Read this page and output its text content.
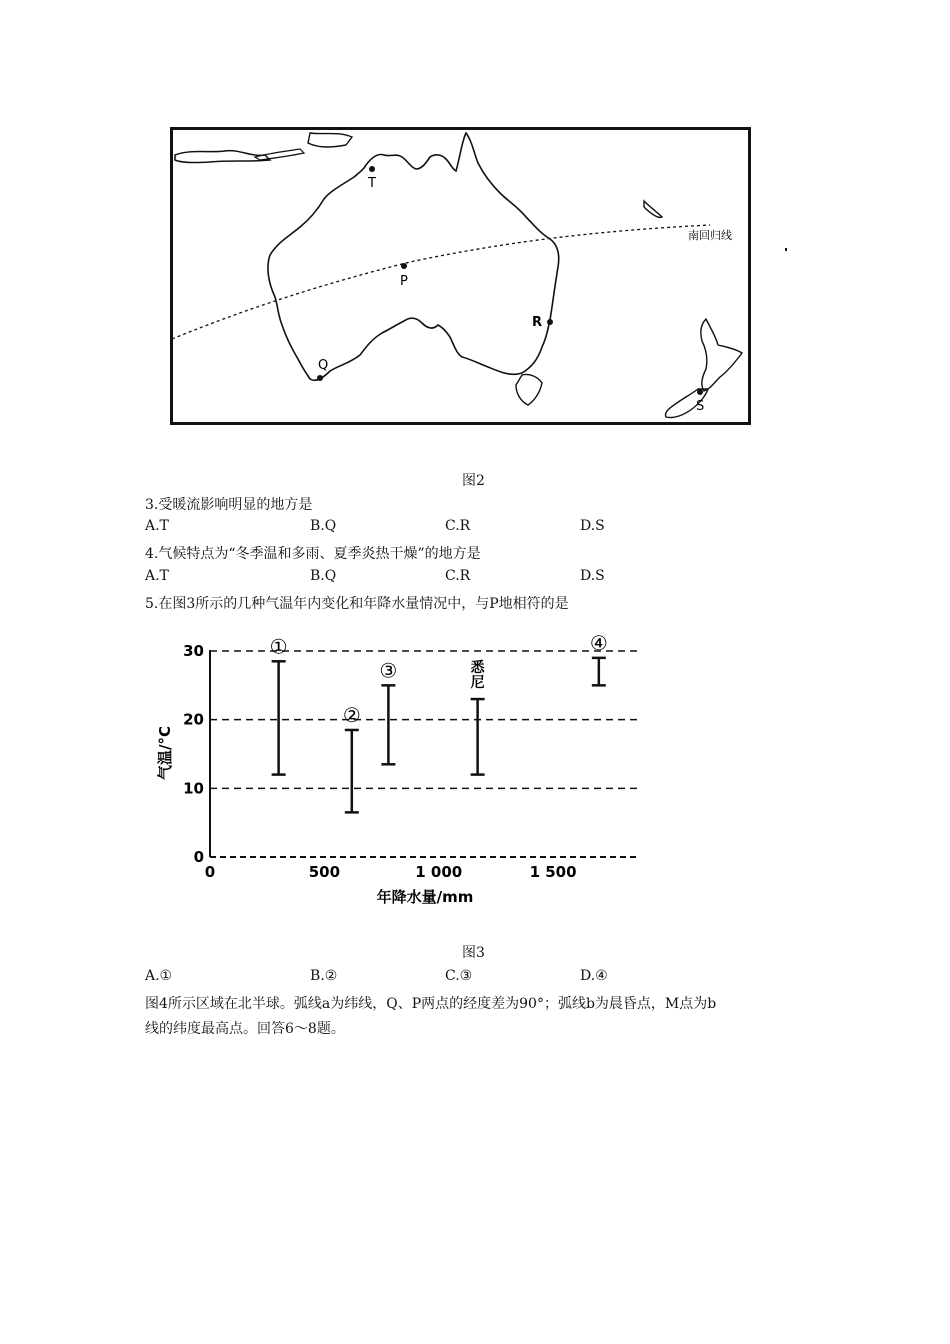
T
P
R
Q
S
南回归线
图2
3.受暖流影响明显的地方是
A.T	B.Q	C.R	D.S
4.气候特点为“冬季温和多雨、夏季炎热干燥”的地方是
A.T	B.Q	C.R	D.S
5.在图3所示的几种气温年内变化和年降水量情况中，与P地相符的是
0
10
20
30
0	500	1 000	1 500
①
②
③	悉
尼
④
气温/°C
年降水量/mm
图3
A.①	B.②	C.③	D.④
图4所示区域在北半球。弧线a为纬线，Q、P两点的经度差为90°；弧线b为晨昏点，M点为b
线的纬度最高点。回答6～8题。
